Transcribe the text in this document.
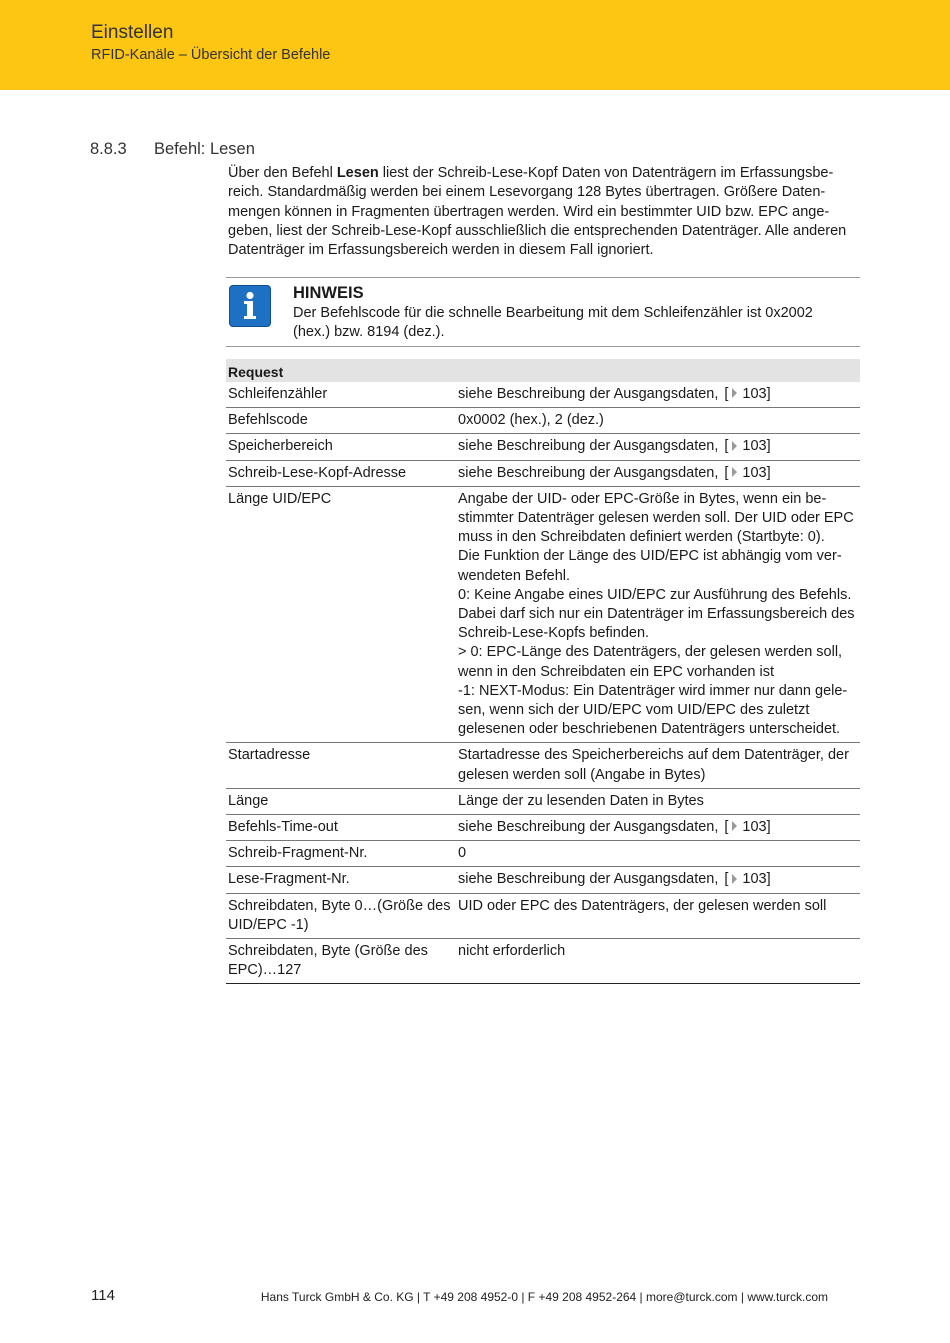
Einstellen
RFID-Kanäle – Übersicht der Befehle
8.8.3 Befehl: Lesen

Über den Befehl Lesen liest der Schreib-Lese-Kopf Daten von Datenträgern im Erfassungsbereich. Standardmäßig werden bei einem Lesevorgang 128 Bytes übertragen. Größere Datenmengen können in Fragmenten übertragen werden. Wird ein bestimmter UID bzw. EPC angegeben, liest der Schreib-Lese-Kopf ausschließlich die entsprechenden Datenträger. Alle anderen Datenträger im Erfassungsbereich werden in diesem Fall ignoriert.

HINWEIS
Der Befehlscode für die schnelle Bearbeitung mit dem Schleifenzähler ist 0x2002 (hex.) bzw. 8194 (dez.).
Request	
Schleifenzähler	siehe Beschreibung der Ausgangsdaten, [ 103]
Befehlscode	0x0002 (hex.), 2 (dez.)
Speicherbereich	siehe Beschreibung der Ausgangsdaten, [ 103]
Schreib-Lese-Kopf-Adresse	siehe Beschreibung der Ausgangsdaten, [ 103]
Länge UID/EPC	Angabe der UID- oder EPC-Größe in Bytes, wenn ein bestimmter Datenträger gelesen werden soll. Der UID oder EPC muss in den Schreibdaten definiert werden (Startbyte: 0).
Die Funktion der Länge des UID/EPC ist abhängig vom verwendeten Befehl.
0: Keine Angabe eines UID/EPC zur Ausführung des Befehls. Dabei darf sich nur ein Datenträger im Erfassungsbereich des Schreib-Lese-Kopfs befinden.
> 0: EPC-Länge des Datenträgers, der gelesen werden soll, wenn in den Schreibdaten ein EPC vorhanden ist
-1: NEXT-Modus: Ein Datenträger wird immer nur dann gelesen, wenn sich der UID/EPC vom UID/EPC des zuletzt gelesenen oder beschriebenen Datenträgers unterscheidet.
Startadresse	Startadresse des Speicherbereichs auf dem Datenträger, der gelesen werden soll (Angabe in Bytes)
Länge	Länge der zu lesenden Daten in Bytes
Befehls-Time-out	siehe Beschreibung der Ausgangsdaten, [ 103]
Schreib-Fragment-Nr.	0
Lese-Fragment-Nr.	siehe Beschreibung der Ausgangsdaten, [ 103]
Schreibdaten, Byte 0…(Größe des UID/EPC -1)	UID oder EPC des Datenträgers, der gelesen werden soll
Schreibdaten, Byte (Größe des EPC)…127	nicht erforderlich
114	Hans Turck GmbH & Co. KG | T +49 208 4952-0 | F +49 208 4952-264 | more@turck.com | www.turck.com
